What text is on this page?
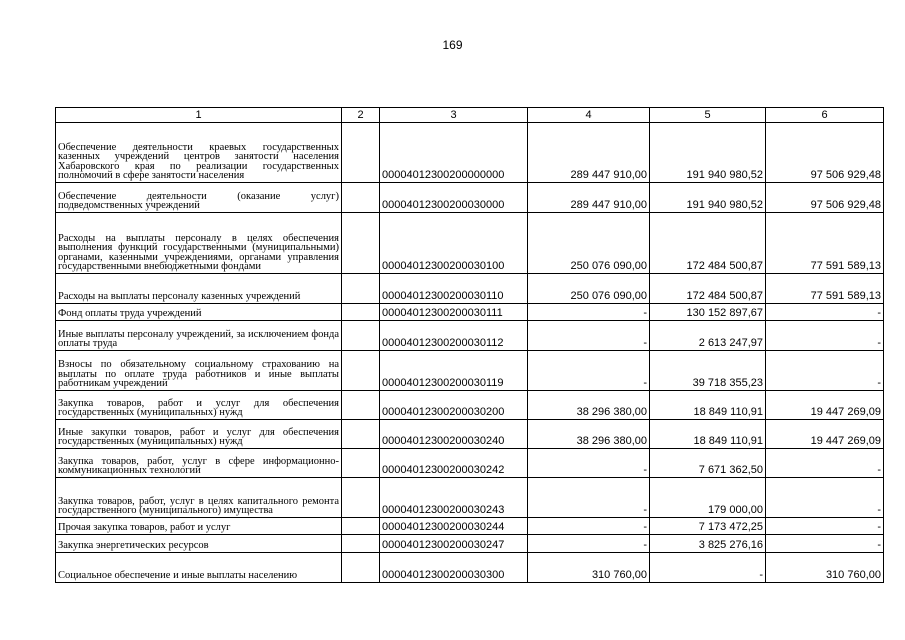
169
1	2	3	4	5	6
Обеспечение деятельности краевых государственных казенных учреждений центров занятости населения Хабаровского края по реализации государственных полномочий в сфере занятости населения		00004012300200000000	289 447 910,00	191 940 980,52	97 506 929,48
Обеспечение деятельности (оказание услуг) подведомственных учреждений		00004012300200030000	289 447 910,00	191 940 980,52	97 506 929,48
Расходы на выплаты персоналу в целях обеспечения выполнения функций государственными (муниципальными) органами, казенными учреждениями, органами управления государственными внебюджетными фондами		00004012300200030100	250 076 090,00	172 484 500,87	77 591 589,13
Расходы на выплаты персоналу казенных учреждений		00004012300200030110	250 076 090,00	172 484 500,87	77 591 589,13
Фонд оплаты труда учреждений		00004012300200030111	-	130 152 897,67	-
Иные выплаты персоналу учреждений, за исключением фонда оплаты труда		00004012300200030112	-	2 613 247,97	-
Взносы по обязательному социальному страхованию на выплаты по оплате труда работников и иные выплаты работникам учреждений		00004012300200030119	-	39 718 355,23	-
Закупка товаров, работ и услуг для обеспечения государственных (муниципальных) нужд		00004012300200030200	38 296 380,00	18 849 110,91	19 447 269,09
Иные закупки товаров, работ и услуг для обеспечения государственных (муниципальных) нужд		00004012300200030240	38 296 380,00	18 849 110,91	19 447 269,09
Закупка товаров, работ, услуг в сфере информационно-коммуникационных технологий		00004012300200030242	-	7 671 362,50	-
Закупка товаров, работ, услуг в целях капитального ремонта государственного (муниципального) имущества		00004012300200030243	-	179 000,00	-
Прочая закупка товаров, работ и услуг		00004012300200030244	-	7 173 472,25	-
Закупка энергетических ресурсов		00004012300200030247	-	3 825 276,16	-
Социальное обеспечение и иные выплаты населению		00004012300200030300	310 760,00	-	310 760,00
